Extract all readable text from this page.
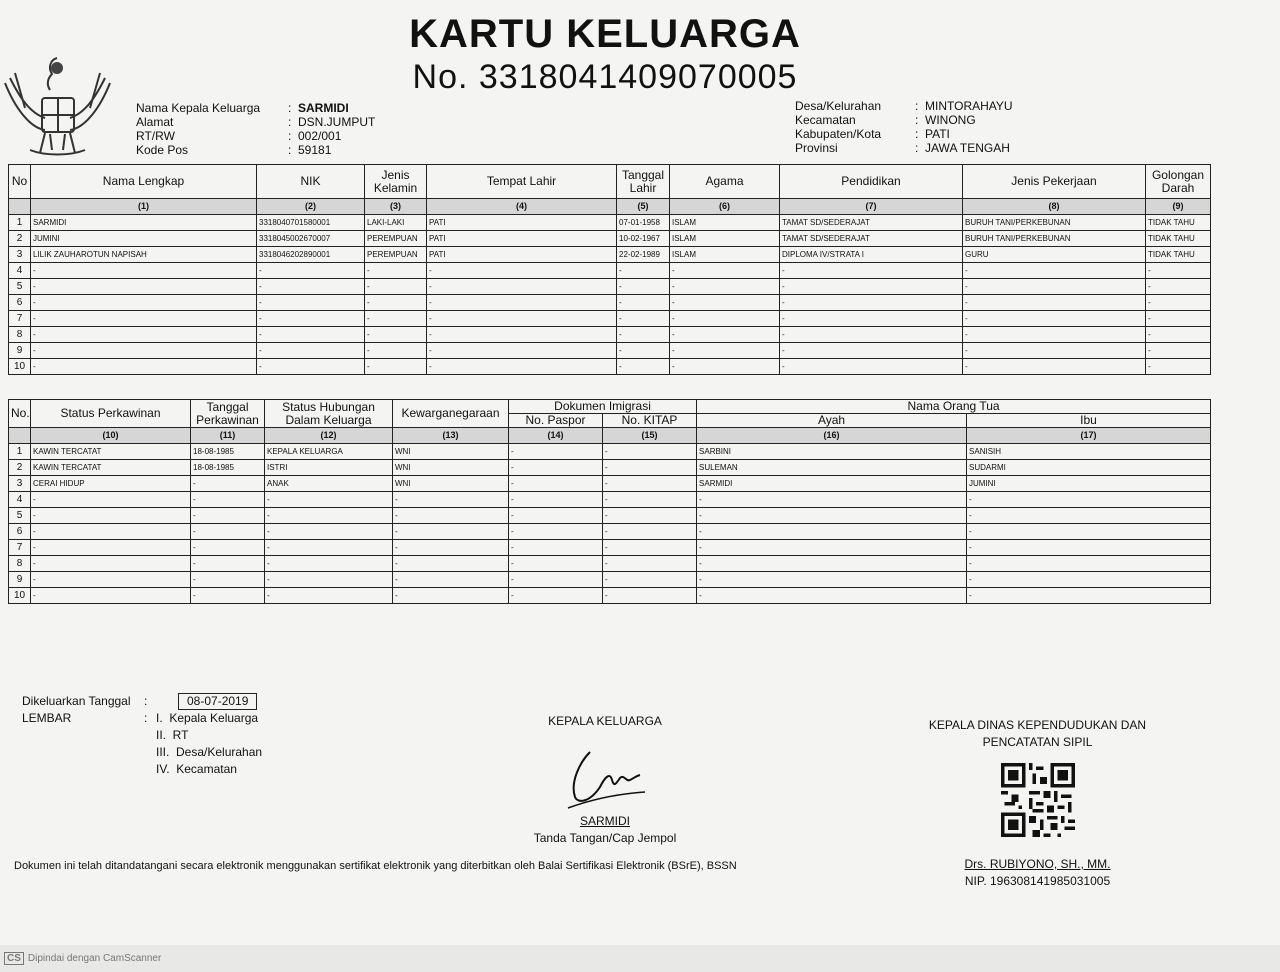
KARTU KELUARGA
No. 3318041409070005
Nama Kepala Keluarga	: SARMIDI
Alamat	: DSN.JUMPUT
RT/RW	: 002/001
Kode Pos	: 59181
Desa/Kelurahan	: MINTORAHAYU
Kecamatan	: WINONG
Kabupaten/Kota	: PATI
Provinsi	: JAWA TENGAH
No	Nama Lengkap	NIK	Jenis Kelamin	Tempat Lahir	Tanggal Lahir	Agama	Pendidikan	Jenis Pekerjaan	Golongan Darah
	(1)	(2)	(3)	(4)	(5)	(6)	(7)	(8)	(9)
1	SARMIDI	3318040701580001	LAKI-LAKI	PATI	07-01-1958	ISLAM	TAMAT SD/SEDERAJAT	BURUH TANI/PERKEBUNAN	TIDAK TAHU
2	JUMINI	3318045002670007	PEREMPUAN	PATI	10-02-1967	ISLAM	TAMAT SD/SEDERAJAT	BURUH TANI/PERKEBUNAN	TIDAK TAHU
3	LILIK ZAUHAROTUN NAPISAH	3318046202890001	PEREMPUAN	PATI	22-02-1989	ISLAM	DIPLOMA IV/STRATA I	GURU	TIDAK TAHU
4	-	-	-	-	-	-	-	-	-
5	-	-	-	-	-	-	-	-	-
6	-	-	-	-	-	-	-	-	-
7	-	-	-	-	-	-	-	-	-
8	-	-	-	-	-	-	-	-	-
9	-	-	-	-	-	-	-	-	-
10	-	-	-	-	-	-	-	-	-
No.	Status Perkawinan	Tanggal Perkawinan	Status Hubungan Dalam Keluarga	Kewarganegaraan	Dokumen Imigrasi		Nama Orang Tua	
					No. Paspor	No. KITAP	Ayah	Ibu
	(10)	(11)	(12)	(13)	(14)	(15)	(16)	(17)
1	KAWIN TERCATAT	18-08-1985	KEPALA KELUARGA	WNI	-	-	SARBINI	SANISIH
2	KAWIN TERCATAT	18-08-1985	ISTRI	WNI	-	-	SULEMAN	SUDARMI
3	CERAI HIDUP	-	ANAK	WNI	-	-	SARMIDI	JUMINI
4	-	-	-	-	-	-	-	-
5	-	-	-	-	-	-	-	-
6	-	-	-	-	-	-	-	-
7	-	-	-	-	-	-	-	-
8	-	-	-	-	-	-	-	-
9	-	-	-	-	-	-	-	-
10	-	-	-	-	-	-	-	-
Dikeluarkan Tanggal	:	08-07-2019
LEMBAR	: I.  Kepala Keluarga
II.  RT
III.  Desa/Kelurahan
IV.  Kecamatan
KEPALA KELUARGA
SARMIDI
Tanda Tangan/Cap Jempol
KEPALA DINAS KEPENDUDUKAN DAN
PENCATATAN SIPIL
Drs. RUBIYONO, SH., MM.
NIP. 196308141985031005
Dokumen ini telah ditandatangani secara elektronik menggunakan sertifikat elektronik yang diterbitkan oleh Balai Sertifikasi Elektronik (BSrE), BSSN
CS Dipindai dengan CamScanner
